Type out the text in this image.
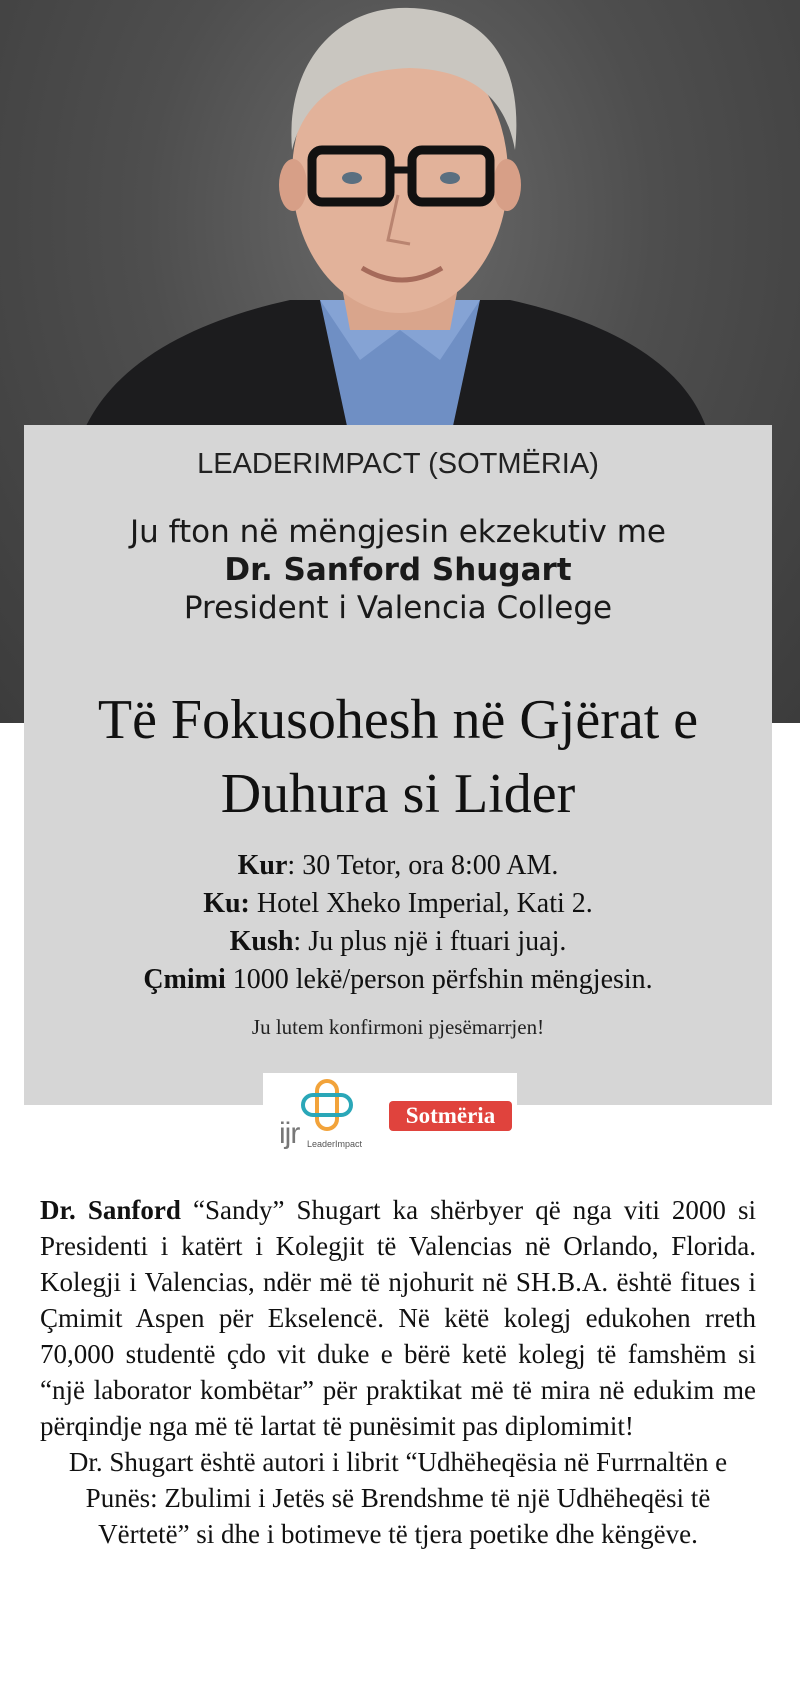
LEADERIMPACT (SOTMËRIA)
Ju fton në mëngjesin ekzekutiv me
Dr. Sanford Shugart
President i Valencia College
Të Fokusohesh në Gjërat e
Duhura si Lider
Kur: 30 Tetor, ora 8:00 AM.
Ku: Hotel Xheko Imperial, Kati 2.
Kush: Ju plus një i ftuari juaj.
Çmimi 1000 lekë/person përfshin mëngjesin.
Ju lutem konfirmoni pjesëmarrjen!
ijr LeaderImpact
Sotmëria

Dr. Sanford “Sandy” Shugart ka shërbyer që nga viti 2000 si Presidenti i katërt i Kolegjit të Valencias në Orlando, Florida. Kolegji i Valencias, ndër më të njohurit në SH.B.A. është fitues i Çmimit Aspen për Ekselencë. Në këtë kolegj edukohen rreth 70,000 studentë çdo vit duke e bërë ketë kolegj të famshëm si “një laborator kombëtar” për praktikat më të mira në edukim me përqindje nga më të lartat të punësimit pas diplomimit!

Dr. Shugart është autori i librit “Udhëheqësia në Furrnaltën e Punës: Zbulimi i Jetës së Brendshme të një Udhëheqësi të Vërtetë” si dhe i botimeve të tjera poetike dhe këngëve.
